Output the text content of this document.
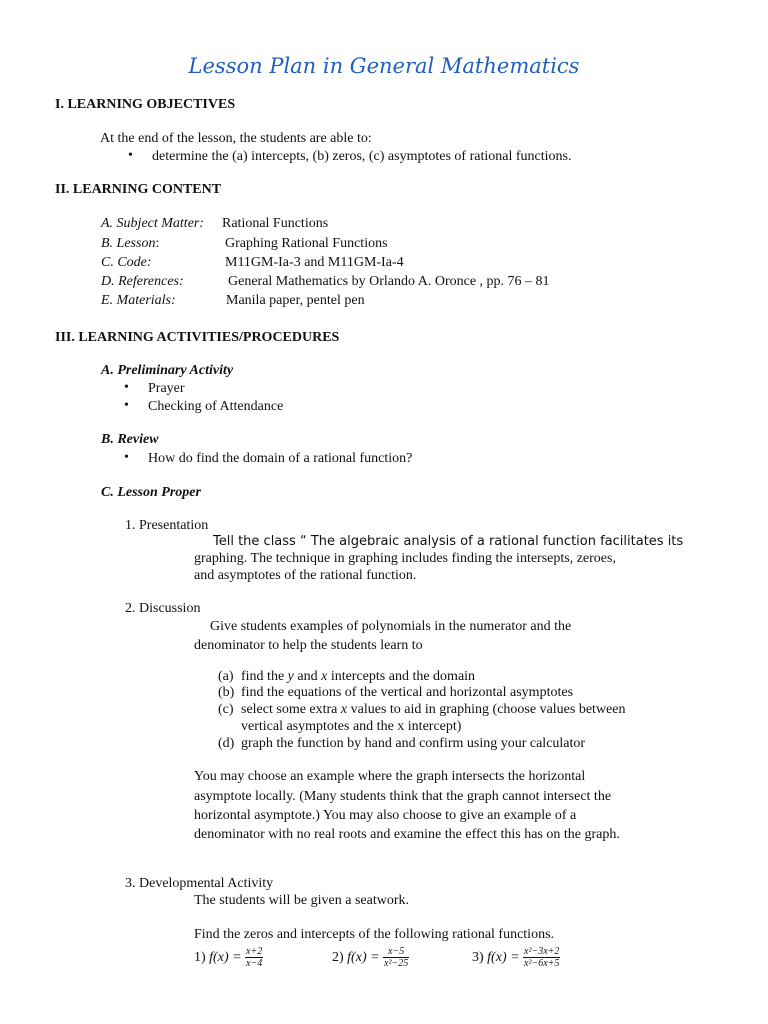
Lesson Plan in General Mathematics
I. LEARNING OBJECTIVES
At the end of the lesson, the students are able to:
• determine the (a) intercepts, (b) zeros, (c) asymptotes of rational functions.
II. LEARNING CONTENT
A. Subject Matter: Rational Functions
B. Lesson:	Graphing Rational Functions
C. Code:	M11GM-Ia-3 and M11GM-Ia-4
D. References:	General Mathematics by Orlando A. Oronce , pp. 76 – 81
E. Materials:	Manila paper, pentel pen
III. LEARNING ACTIVITIES/PROCEDURES
A. Preliminary Activity
• Prayer
• Checking of Attendance
B. Review
• How do find the domain of a rational function?
C. Lesson Proper
1. Presentation
Tell the class “ The algebraic analysis of a rational function facilitates its
graphing. The technique in graphing includes finding the intersepts, zeroes,
and asymptotes of the rational function.
2. Discussion
Give students examples of polynomials in the numerator and the
denominator to help the students learn to
(a) find the y and x intercepts and the domain
(b) find the equations of the vertical and horizontal asymptotes
(c) select some extra x values to aid in graphing (choose values between
vertical asymptotes and the x intercept)
(d) graph the function by hand and confirm using your calculator
You may choose an example where the graph intersects the horizontal
asymptote locally. (Many students think that the graph cannot intersect the
horizontal asymptote.) You may also choose to give an example of a
denominator with no real roots and examine the effect this has on the graph.
3. Developmental Activity
The students will be given a seatwork.
Find the zeros and intercepts of the following rational functions.
1) $f(x) = \frac{x+2}{x-4}$	2) $f(x) = \frac{x-5}{\text{x²−25}}$	3) $f(x) = \frac{\text{x²−3x+2}}{\text{x²−6x+5}}$
